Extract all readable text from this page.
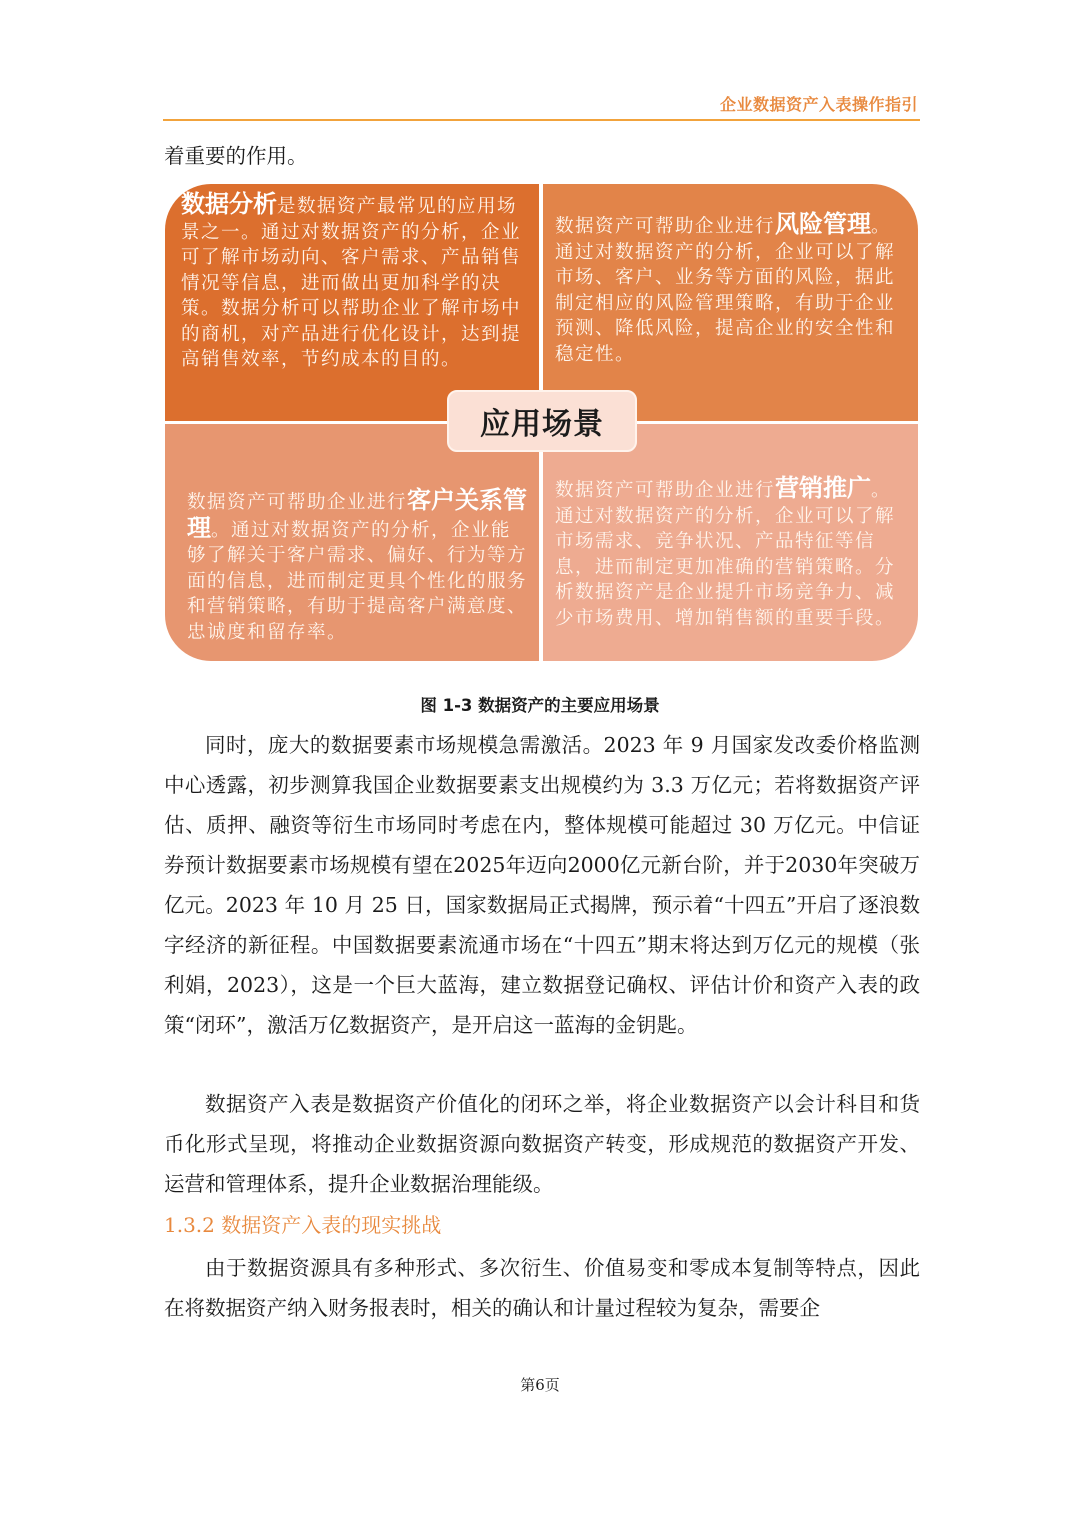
企业数据资产入表操作指引
着重要的作用。
数据分析是数据资产最常见的应用场景之一。通过对数据资产的分析，企业可了解市场动向、客户需求、产品销售情况等信息，进而做出更加科学的决策。数据分析可以帮助企业了解市场中的商机，对产品进行优化设计，达到提高销售效率，节约成本的目的。
数据资产可帮助企业进行风险管理。通过对数据资产的分析，企业可以了解市场、客户、业务等方面的风险，据此制定相应的风险管理策略，有助于企业预测、降低风险，提高企业的安全性和稳定性。
数据资产可帮助企业进行客户关系管理。通过对数据资产的分析，企业能够了解关于客户需求、偏好、行为等方面的信息，进而制定更具个性化的服务和营销策略，有助于提高客户满意度、忠诚度和留存率。
数据资产可帮助企业进行营销推广。通过对数据资产的分析，企业可以了解市场需求、竞争状况、产品特征等信息，进而制定更加准确的营销策略。分析数据资产是企业提升市场竞争力、减少市场费用、增加销售额的重要手段。
应用场景
图 1-3 数据资产的主要应用场景

同时，庞大的数据要素市场规模急需激活。2023 年 9 月国家发改委价格监测中心透露，初步测算我国企业数据要素支出规模约为 3.3 万亿元；若将数据资产评估、质押、融资等衍生市场同时考虑在内，整体规模可能超过 30 万亿元。中信证券预计数据要素市场规模有望在2025年迈向2000亿元新台阶，并于2030年突破万亿元。2023 年 10 月 25 日，国家数据局正式揭牌，预示着“十四五”开启了逐浪数字经济的新征程。中国数据要素流通市场在“十四五”期末将达到万亿元的规模（张利娟，2023），这是一个巨大蓝海，建立数据登记确权、评估计价和资产入表的政策“闭环”，激活万亿数据资产，是开启这一蓝海的金钥匙。

数据资产入表是数据资产价值化的闭环之举，将企业数据资产以会计科目和货币化形式呈现，将推动企业数据资源向数据资产转变，形成规范的数据资产开发、运营和管理体系，提升企业数据治理能级。

1.3.2 数据资产入表的现实挑战

由于数据资源具有多种形式、多次衍生、价值易变和零成本复制等特点，因此在将数据资产纳入财务报表时，相关的确认和计量过程较为复杂，需要企

第6页
